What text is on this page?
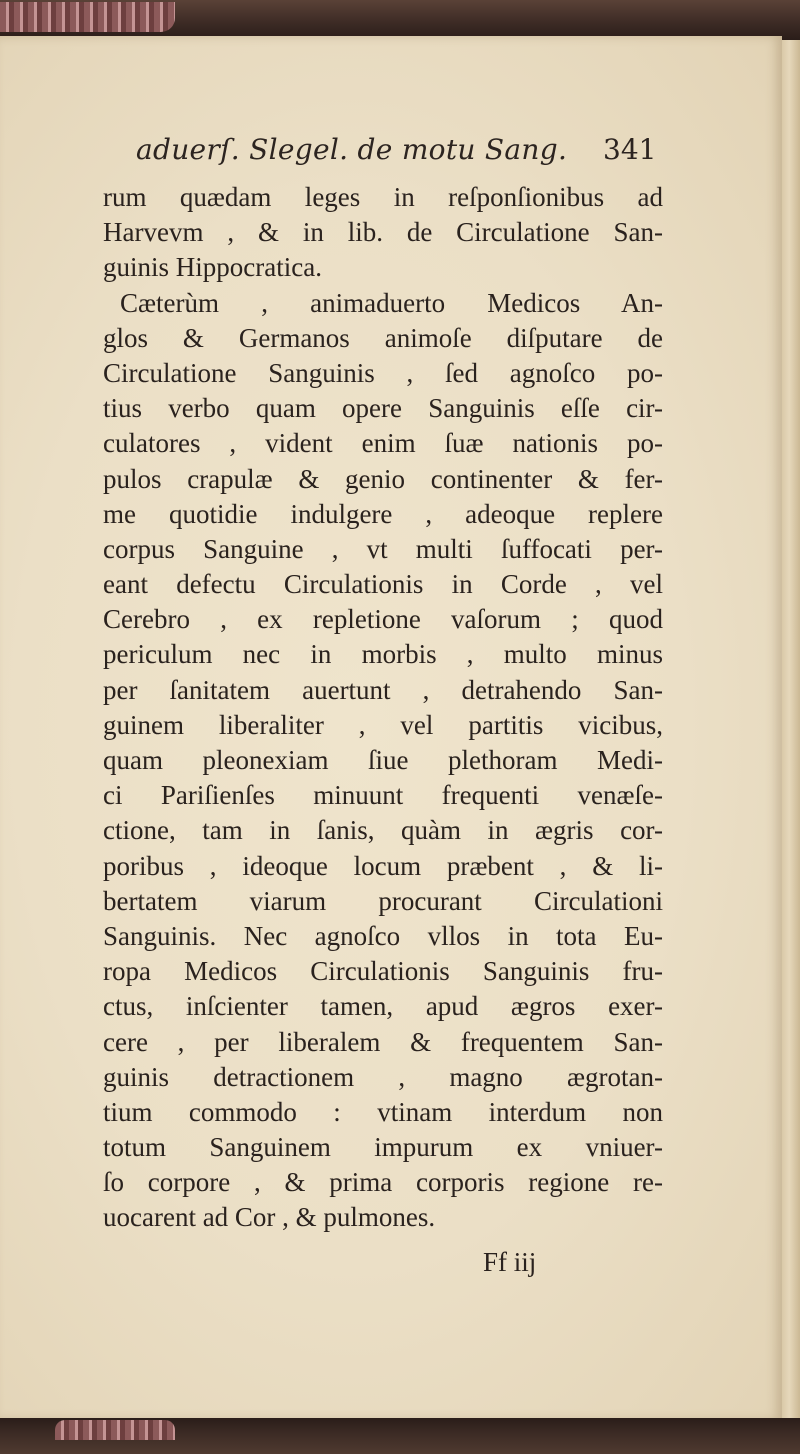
aduerſ. Slegel. de motu Sang. 341
rum quædam leges in reſponſionibus ad
Harvevm , & in lib. de Circulatione San-
guinis Hippocratica.
Cæterùm , animaduerto Medicos An-
glos & Germanos animoſe diſputare de
Circulatione Sanguinis , ſed agnoſco po-
tius verbo quam opere Sanguinis eſſe cir-
culatores , vident enim ſuæ nationis po-
pulos crapulæ & genio continenter & fer-
me quotidie indulgere , adeoque replere
corpus Sanguine , vt multi ſuffocati per-
eant defectu Circulationis in Corde , vel
Cerebro , ex repletione vaſorum ; quod
periculum nec in morbis , multo minus
per ſanitatem auertunt , detrahendo San-
guinem liberaliter , vel partitis vicibus,
quam pleonexiam ſiue plethoram Medi-
ci Pariſienſes minuunt frequenti venæſe-
ctione, tam in ſanis, quàm in ægris cor-
poribus , ideoque locum præbent , & li-
bertatem viarum procurant Circulationi
Sanguinis. Nec agnoſco vllos in tota Eu-
ropa Medicos Circulationis Sanguinis fru-
ctus, inſcienter tamen, apud ægros exer-
cere , per liberalem & frequentem San-
guinis detractionem , magno ægrotan-
tium commodo : vtinam interdum non
totum Sanguinem impurum ex vniuer-
ſo corpore , & prima corporis regione re-
uocarent ad Cor , & pulmones.
Ff iij
